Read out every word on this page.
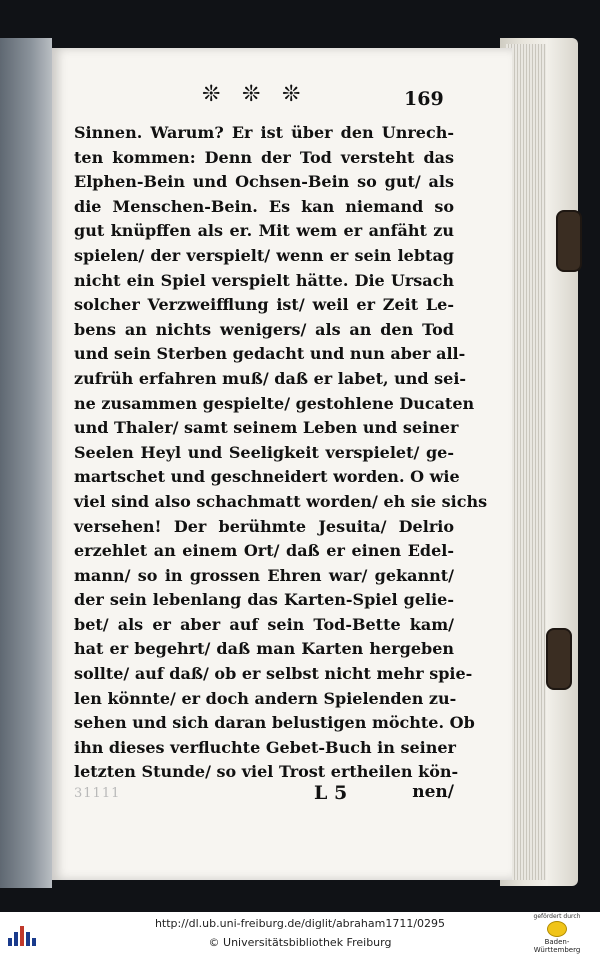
❊ ❊ ❊	169
Sinnen. Warum? Er ist über den Unrech-
ten kommen: Denn der Tod versteht das
Elphen-Bein und Ochsen-Bein so gut/ als
die Menschen-Bein. Es kan niemand so
gut knüpffen als er. Mit wem er anfäht zu
spielen/ der verspielt/ wenn er sein lebtag
nicht ein Spiel verspielt hätte. Die Ursach
solcher Verzweifflung ist/ weil er Zeit Le-
bens an nichts wenigers/ als an den Tod
und sein Sterben gedacht und nun aber all-
zufrüh erfahren muß/ daß er labet, und sei-
ne zusammen gespielte/ gestohlene Ducaten
und Thaler/ samt seinem Leben und seiner
Seelen Heyl und Seeligkeit verspielet/ ge-
martschet und geschneidert worden. O wie
viel sind also schachmatt worden/ eh sie sichs
versehen! Der berühmte Jesuita/ Delrio
erzehlet an einem Ort/ daß er einen Edel-
mann/ so in grossen Ehren war/ gekannt/
der sein lebenlang das Karten-Spiel gelie-
bet/ als er aber auf sein Tod-Bette kam/
hat er begehrt/ daß man Karten hergeben
sollte/ auf daß/ ob er selbst nicht mehr spie-
len könnte/ er doch andern Spielenden zu-
sehen und sich daran belustigen möchte. Ob
ihn dieses verfluchte Gebet-Buch in seiner
letzten Stunde/ so viel Trost ertheilen kön-
31111	L 5	nen/
http://dl.ub.uni-freiburg.de/diglit/abraham1711/0295
© Universitätsbibliothek Freiburg
gefördert durch
Baden-Württemberg
